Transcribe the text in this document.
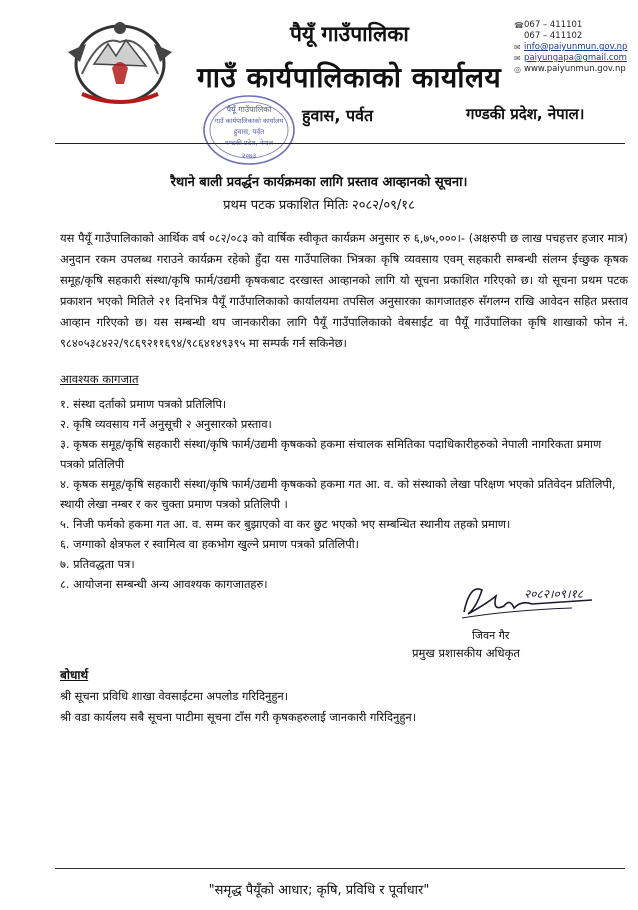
पैयूँ गाउँपालिका
गाउँ कार्यपालिकाको कार्यालय
हुवास, पर्वत	गण्डकी प्रदेश, नेपाल।
☎ 067 – 411101
067 – 411102
✉ info@paiyunmun.gov.np
✉ paiyungapa@gmail.com
◎ www.paiyunmun.gov.np
पैयूँ गाउँपालिका
गाउँ कार्यपालिकाको कार्यालय
हुवास, पर्वत
गण्डकी प्रदेश, नेपाल
२०७३
रैथाने बाली प्रवर्द्धन कार्यक्रमका लागि प्रस्ताव आव्हानको सूचना।
प्रथम पटक प्रकाशित मितिः २०८२/०९/१८
यस पैयूँ गाउँपालिकाको आर्थिक वर्ष ०८२/०८३ को वार्षिक स्वीकृत कार्यक्रम अनुसार रु ६,७५,०००।- (अक्षरुपी छ लाख पचहत्तर हजार मात्र) अनुदान रकम उपलब्ध गराउने कार्यक्रम रहेको हुँदा यस गाउँपालिका भित्रका कृषि व्यवसाय एवम् सहकारी सम्बन्धी संलग्न ईच्छुक कृषक समूह/कृषि सहकारी संस्था/कृषि फार्म/उद्यमी कृषकबाट दरखास्त आव्हानको लागि यो सूचना प्रकाशित गरिएको छ। यो सूचना प्रथम पटक प्रकाशन भएको मितिले २१ दिनभित्र पैयूँ गाउँपालिकाको कार्यालयमा तपसिल अनुसारका कागजातहरु सँगलग्न राखि आवेदन सहित प्रस्ताव आव्हान गरिएको छ। यस सम्बन्धी थप जानकारीका लागि पैयूँ गाउँपालिकाको वेबसाईट वा पैयूँ गाउँपालिका कृषि शाखाको फोन नं. ९८४०५३८४२२/९८६९२११६९४/९८६४१४९३९५ मा सम्पर्क गर्न सकिनेछ।
आवश्यक कागजात
१. संस्था दर्ताको प्रमाण पत्रको प्रतिलिपि।
२. कृषि व्यवसाय गर्ने अनुसूची २ अनुसारको प्रस्ताव।
३. कृषक समूह/कृषि सहकारी संस्था/कृषि फार्म/उद्यमी कृषकको हकमा संचालक समितिका पदाधिकारीहरुको नेपाली नागरिकता प्रमाण पत्रको प्रतिलिपी
४. कृषक समूह/कृषि सहकारी संस्था/कृषि फार्म/उद्यमी कृषकको हकमा गत आ. व. को संस्थाको लेखा परिक्षण भएको प्रतिवेदन प्रतिलिपी, स्थायी लेखा नम्बर र कर चुक्ता प्रमाण पत्रको प्रतिलिपी ।
५. निजी फर्मको हकमा गत आ. व. सम्म कर बुझाएको वा कर छुट भएको भए सम्बन्धित स्थानीय तहको प्रमाण।
६. जग्गाको क्षेत्रफल र स्वामित्व वा हकभोग खुल्ने प्रमाण पत्रको प्रतिलिपी।
७. प्रतिवद्धता पत्र।
८. आयोजना सम्बन्धी अन्य आवश्यक कागजातहरु।
२०८२।०९।१८
जिवन गैर
प्रमुख प्रशासकीय अधिकृत
बोधार्थ
श्री सूचना प्रविधि शाखा वेवसाईटमा अपलोड गरिदिनुहुन।
श्री वडा कार्यलय सबै सूचना पाटीमा सूचना टाँस गरी कृषकहरुलाई जानकारी गरिदिनुहुन।
"समृद्ध पैयूँको आधार; कृषि, प्रविधि र पूर्वाधार"
